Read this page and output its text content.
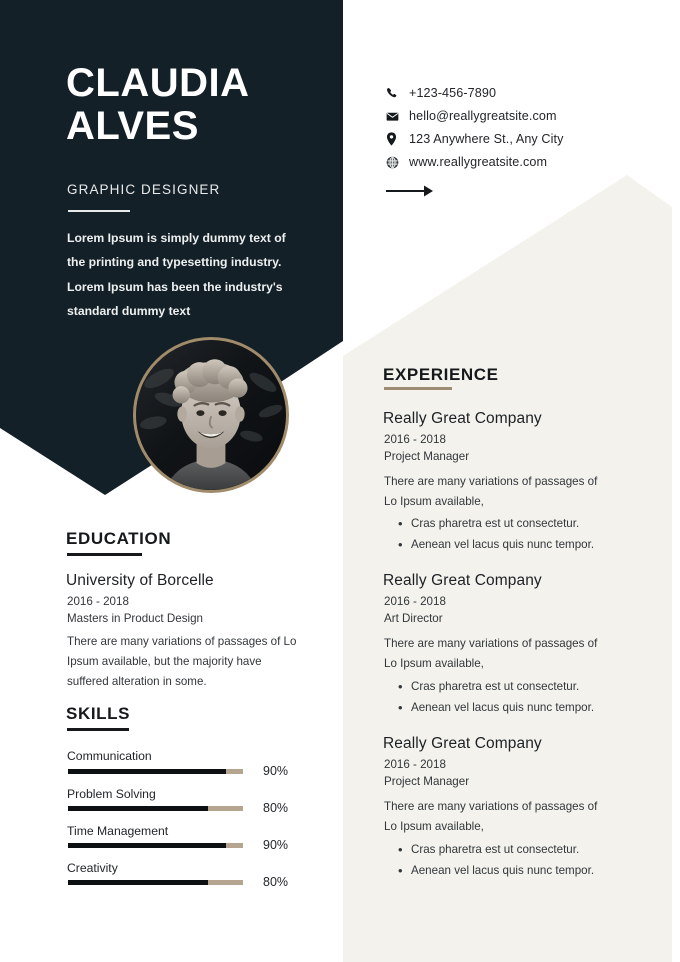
CLAUDIA
ALVES
GRAPHIC DESIGNER
Lorem Ipsum is simply dummy text of the printing and typesetting industry. Lorem Ipsum has been the industry's standard dummy text
+123-456-7890
hello@reallygreatsite.com
123 Anywhere St., Any City
www.reallygreatsite.com
EDUCATION
University of Borcelle
2016 - 2018
Masters in Product Design
There are many variations of passages of Lo Ipsum available, but the majority have suffered alteration in some.
SKILLS
Communication
90%
Problem Solving
80%
Time Management
90%
Creativity
80%
EXPERIENCE
Really Great Company
2016 - 2018
Project Manager
There are many variations of passages of Lo Ipsum available,
• Cras pharetra est ut consectetur.
• Aenean vel lacus quis nunc tempor.
Really Great Company
2016 - 2018
Art Director
There are many variations of passages of Lo Ipsum available,
• Cras pharetra est ut consectetur.
• Aenean vel lacus quis nunc tempor.
Really Great Company
2016 - 2018
Project Manager
There are many variations of passages of Lo Ipsum available,
• Cras pharetra est ut consectetur.
• Aenean vel lacus quis nunc tempor.
